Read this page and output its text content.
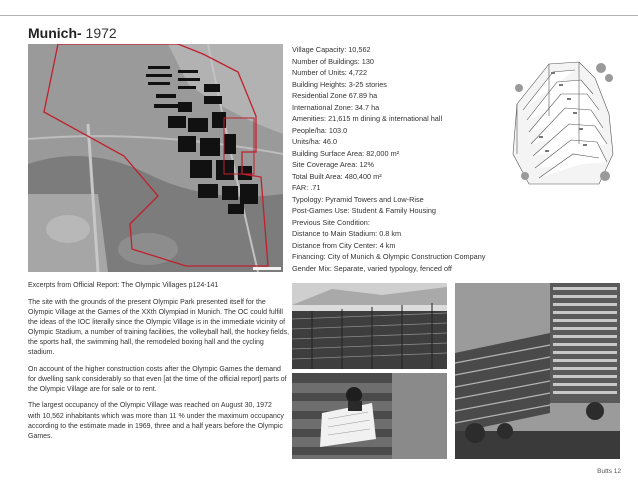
Munich- 1972
Village Capacity: 10,562
Number of Buildings: 130
Number of Units: 4,722
Building Heights: 3-25 stories
Residential Zone 67.89 ha
International Zone: 34.7 ha
Amenities: 21,615 m dining & international hall
People/ha: 103.0
Units/ha: 46.0
Building Surface Area: 82,000 m²
Site Coverage Area: 12%
Total Built Area: 480,400 m²
FAR: .71
Typology: Pyramid Towers and Low-Rise
Post-Games Use: Student & Family Housing
Previous Site Condition:
Distance to Main Stadium: 0.8 km
Distance from City Center: 4 km
Financing: City of Munich & Olympic Construction Company
Gender Mix: Separate, varied typology, fenced off

Excerpts from Official Report: The Olympic Villages p124-141

The site with the grounds of the present Olympic Park presented itself for the Olympic Village at the Games of the XXth Olympiad in Munich. The OC could fulfill the ideas of the IOC literally since the Olympic Village is in the immediate vicinity of Olympic Stadium, a number of training facilities, the volleyball hall, the hockey fields, the sports hall, the swimming hall, the remodeled boxing hall and the cycling stadium.

On account of the higher construction costs after the Olympic Games the demand for dwelling sank considerably so that even [at the time of the official report] parts of the Olympic Village are for sale or to rent.

The largest occupancy of the Olympic Village was reached on August 30, 1972
with 10,562 inhabitants which was more than 11 % under the maximum occupancy according to the estimate made in 1969, three and a half years before the Olympic Games.

Butts 12
